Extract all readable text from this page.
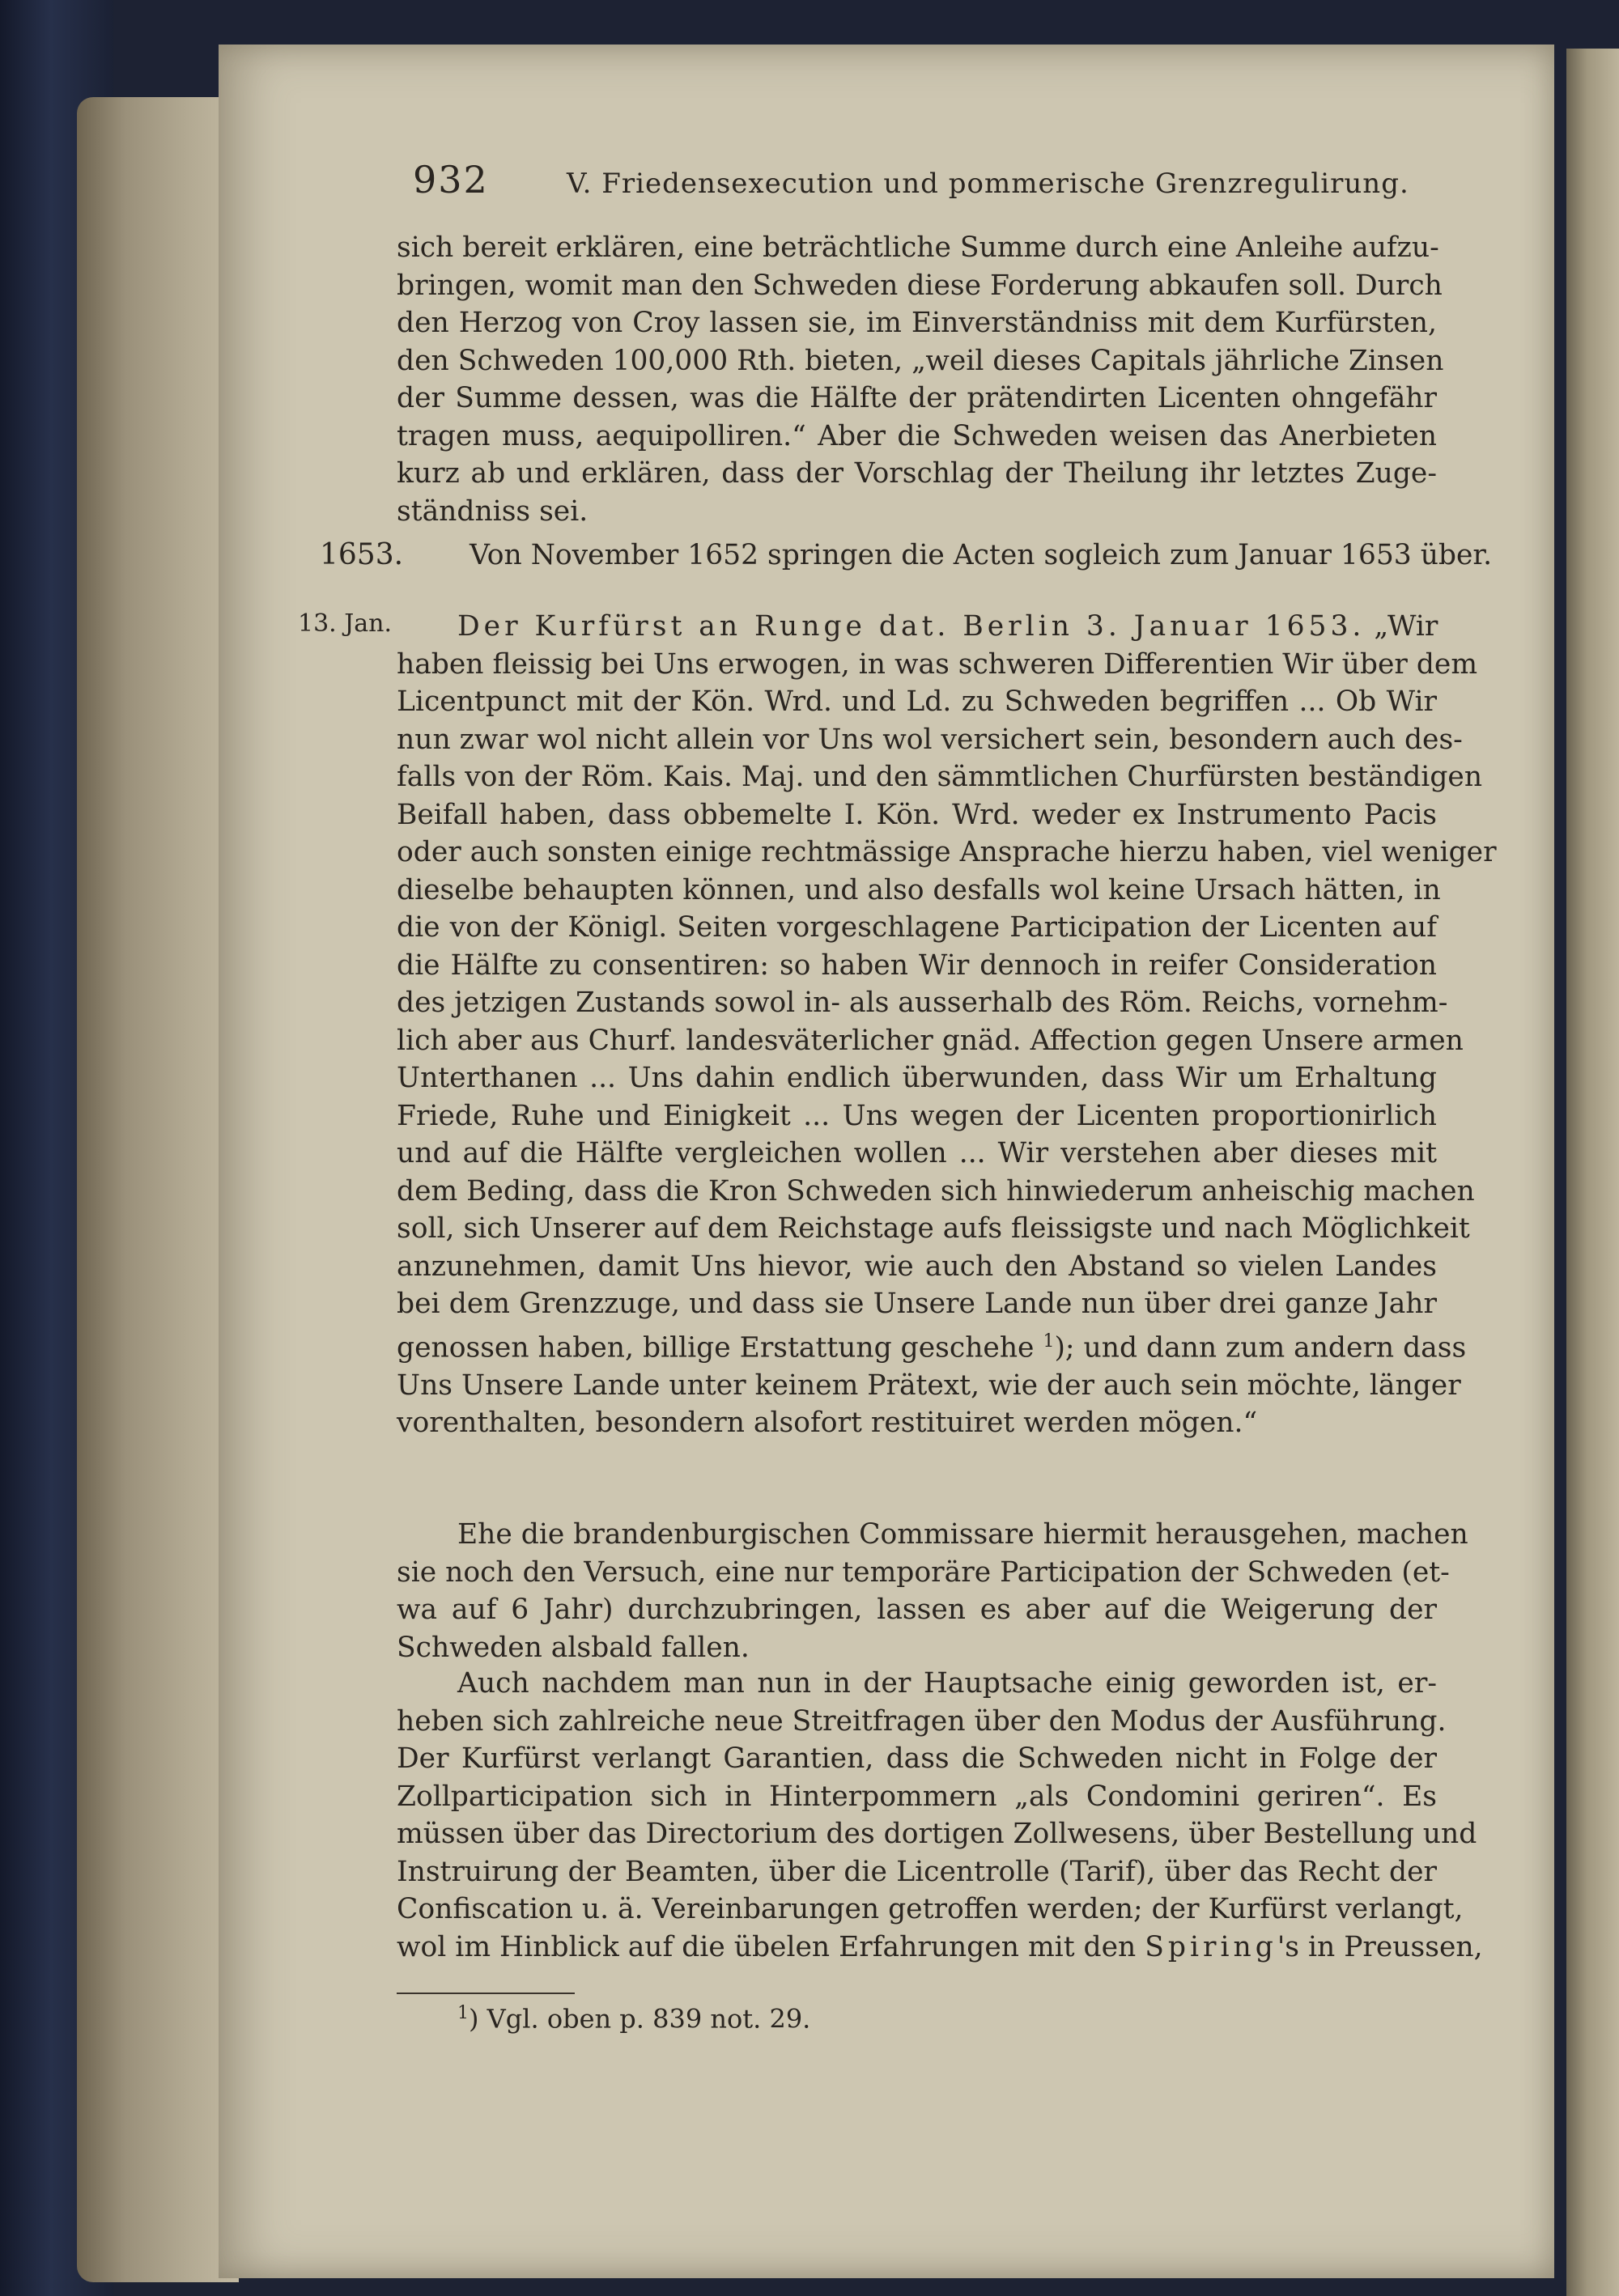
932	V. Friedensexecution und pommerische Grenzregulirung.
sich bereit erklären, eine beträchtliche Summe durch eine Anleihe aufzu-
bringen, womit man den Schweden diese Forderung abkaufen soll. Durch
den Herzog von Croy lassen sie, im Einverständniss mit dem Kurfürsten,
den Schweden 100,000 Rth. bieten, „weil dieses Capitals jährliche Zinsen
der Summe dessen, was die Hälfte der prätendirten Licenten ohngefähr
tragen muss, aequipolliren.“ Aber die Schweden weisen das Anerbieten
kurz ab und erklären, dass der Vorschlag der Theilung ihr letztes Zuge-
ständniss sei.
1653. Von November 1652 springen die Acten sogleich zum Januar 1653 über.
13. Jan.	Der Kurfürst an Runge dat. Berlin 3. Januar 1653. „Wir
haben fleissig bei Uns erwogen, in was schweren Differentien Wir über dem
Licentpunct mit der Kön. Wrd. und Ld. zu Schweden begriffen ... Ob Wir
nun zwar wol nicht allein vor Uns wol versichert sein, besondern auch des-
falls von der Röm. Kais. Maj. und den sämmtlichen Churfürsten beständigen
Beifall haben, dass obbemelte I. Kön. Wrd. weder ex Instrumento Pacis
oder auch sonsten einige rechtmässige Ansprache hierzu haben, viel weniger
dieselbe behaupten können, und also desfalls wol keine Ursach hätten, in
die von der Königl. Seiten vorgeschlagene Participation der Licenten auf
die Hälfte zu consentiren: so haben Wir dennoch in reifer Consideration
des jetzigen Zustands sowol in- als ausserhalb des Röm. Reichs, vornehm-
lich aber aus Churf. landesväterlicher gnäd. Affection gegen Unsere armen
Unterthanen ... Uns dahin endlich überwunden, dass Wir um Erhaltung
Friede, Ruhe und Einigkeit ... Uns wegen der Licenten proportionirlich
und auf die Hälfte vergleichen wollen ... Wir verstehen aber dieses mit
dem Beding, dass die Kron Schweden sich hinwiederum anheischig machen
soll, sich Unserer auf dem Reichstage aufs fleissigste und nach Möglichkeit
anzunehmen, damit Uns hievor, wie auch den Abstand so vielen Landes
bei dem Grenzzuge, und dass sie Unsere Lande nun über drei ganze Jahr
genossen haben, billige Erstattung geschehe $^1$); und dann zum andern dass
Uns Unsere Lande unter keinem Prätext, wie der auch sein möchte, länger
vorenthalten, besondern alsofort restituiret werden mögen.“
Ehe die brandenburgischen Commissare hiermit herausgehen, machen
sie noch den Versuch, eine nur temporäre Participation der Schweden (et-
wa auf 6 Jahr) durchzubringen, lassen es aber auf die Weigerung der
Schweden alsbald fallen.
Auch nachdem man nun in der Hauptsache einig geworden ist, er-
heben sich zahlreiche neue Streitfragen über den Modus der Ausführung.
Der Kurfürst verlangt Garantien, dass die Schweden nicht in Folge der
Zollparticipation sich in Hinterpommern „als Condomini geriren“. Es
müssen über das Directorium des dortigen Zollwesens, über Bestellung und
Instruirung der Beamten, über die Licentrolle (Tarif), über das Recht der
Confiscation u. ä. Vereinbarungen getroffen werden; der Kurfürst verlangt,
wol im Hinblick auf die übelen Erfahrungen mit den Spiring's in Preussen,
$^1$) Vgl. oben p. 839 not. 29.
